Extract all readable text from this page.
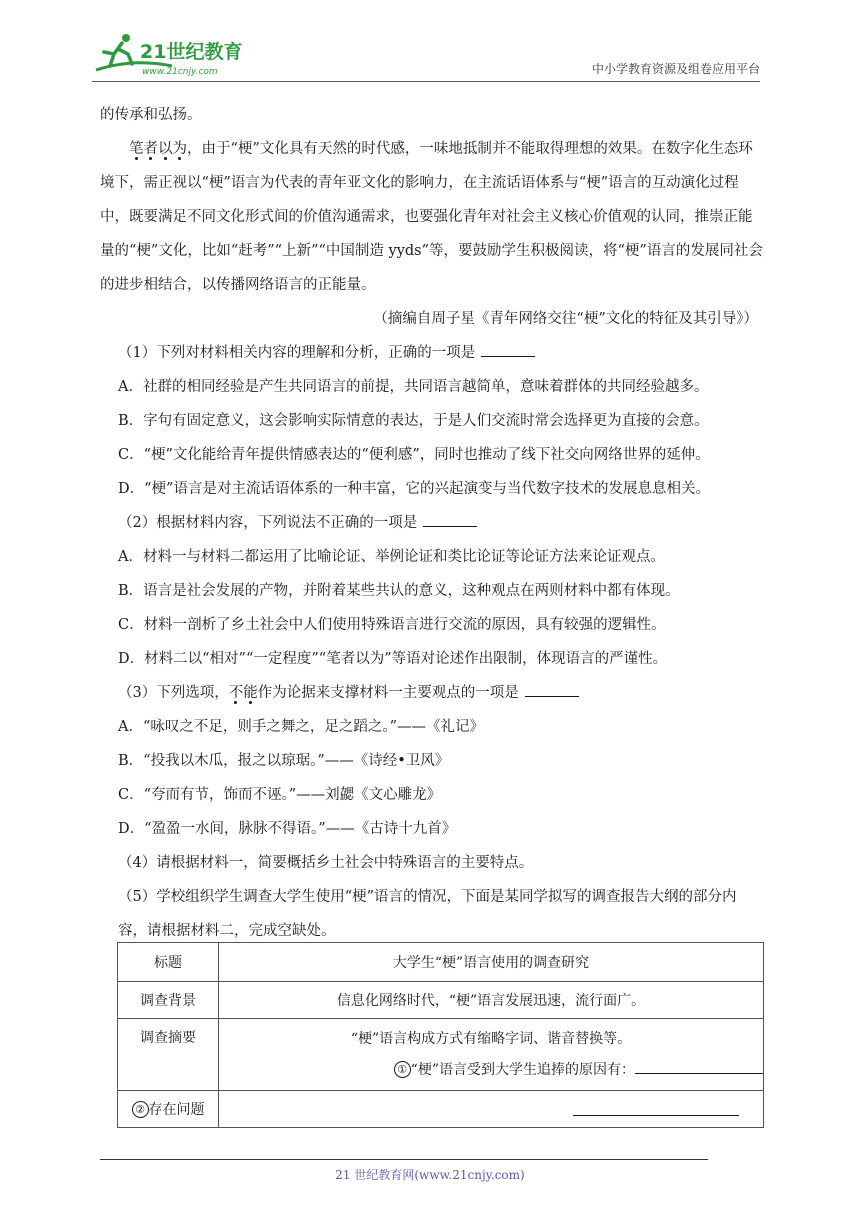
21世纪教育
www.21cnjy.com	中小学教育资源及组卷应用平台

的传承和弘扬。

笔者以为，由于“梗”文化具有天然的时代感，一味地抵制并不能取得理想的效果。在数字化生态环境下，需正视以“梗”语言为代表的青年亚文化的影响力，在主流话语体系与“梗”语言的互动演化过程中，既要满足不同文化形式间的价值沟通需求，也要强化青年对社会主义核心价值观的认同，推崇正能量的“梗”文化，比如“赶考”“上新”“中国制造 yyds”等，要鼓励学生积极阅读，将“梗”语言的发展同社会的进步相结合，以传播网络语言的正能量。

（摘编自周子星《青年网络交往“梗”文化的特征及其引导》）

（1）下列对材料相关内容的理解和分析，正确的一项是

A．社群的相同经验是产生共同语言的前提，共同语言越简单，意味着群体的共同经验越多。

B．字句有固定意义，这会影响实际情意的表达，于是人们交流时常会选择更为直接的会意。

C．“梗”文化能给青年提供情感表达的“便利感”，同时也推动了线下社交向网络世界的延伸。

D．“梗”语言是对主流话语体系的一种丰富，它的兴起演变与当代数字技术的发展息息相关。

（2）根据材料内容，下列说法不正确的一项是

A．材料一与材料二都运用了比喻论证、举例论证和类比论证等论证方法来论证观点。

B．语言是社会发展的产物，并附着某些共认的意义，这种观点在两则材料中都有体现。

C．材料一剖析了乡土社会中人们使用特殊语言进行交流的原因，具有较强的逻辑性。

D．材料二以“相对”“一定程度”“笔者以为”等语对论述作出限制，体现语言的严谨性。

（3）下列选项，不能作为论据来支撑材料一主要观点的一项是

A．“咏叹之不足，则手之舞之，足之蹈之。”——《礼记》

B．“投我以木瓜，报之以琼琚。”——《诗经•卫风》

C．“夸而有节，饰而不诬。”——刘勰《文心雕龙》

D．“盈盈一水间，脉脉不得语。”——《古诗十九首》

（4）请根据材料一，简要概括乡土社会中特殊语言的主要特点。

（5）学校组织学生调查大学生使用“梗”语言的情况，下面是某同学拟写的调查报告大纲的部分内容，请根据材料二，完成空缺处。

标题	大学生“梗”语言使用的调查研究
调查背景	信息化网络时代，“梗”语言发展迅速，流行面广。
调查摘要	“梗”语言构成方式有缩略字词、谐音替换等。
① “梗”语言受到大学生追捧的原因有：

② 存在问题	
21 世纪教育网(www.21cnjy.com)
